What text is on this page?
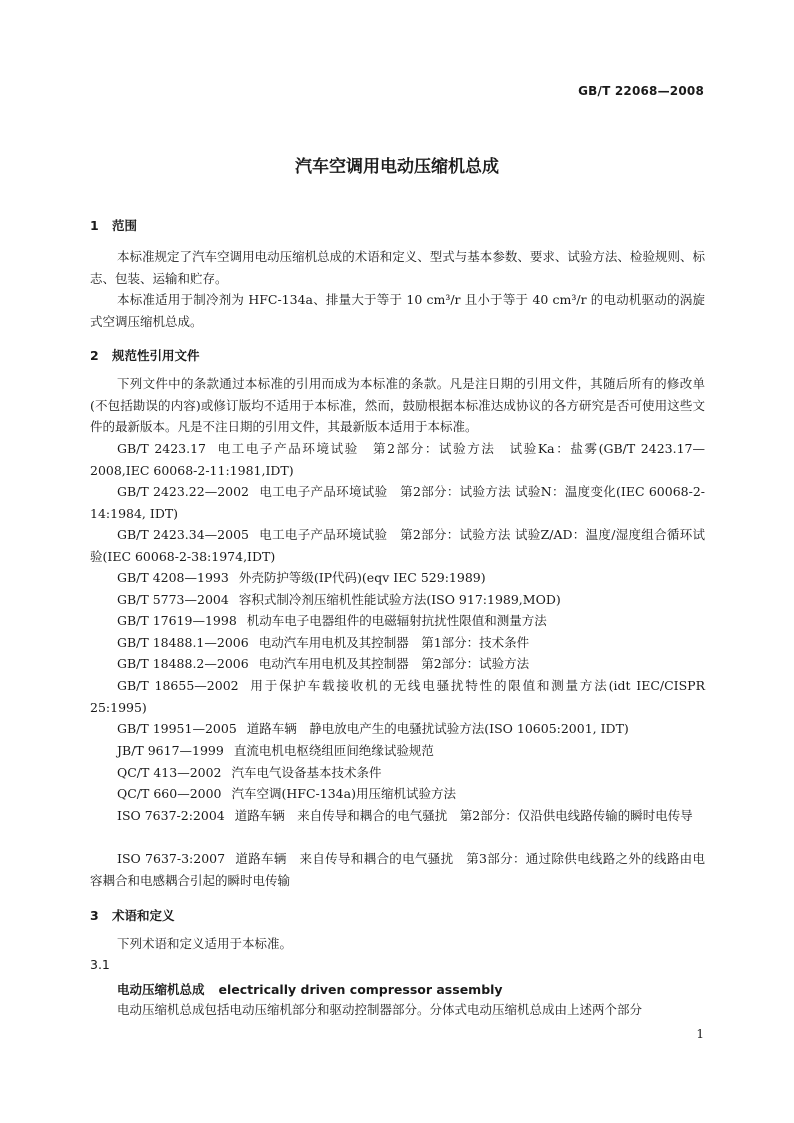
GB/T 22068—2008
汽车空调用电动压缩机总成
1 范围
本标准规定了汽车空调用电动压缩机总成的术语和定义、型式与基本参数、要求、试验方法、检验规则、标志、包装、运输和贮存。
本标准适用于制冷剂为 HFC-134a、排量大于等于 10 cm³/r 且小于等于 40 cm³/r 的电动机驱动的涡旋式空调压缩机总成。
2 规范性引用文件
下列文件中的条款通过本标准的引用而成为本标准的条款。凡是注日期的引用文件，其随后所有的修改单(不包括勘误的内容)或修订版均不适用于本标准，然而，鼓励根据本标准达成协议的各方研究是否可使用这些文件的最新版本。凡是不注日期的引用文件，其最新版本适用于本标准。
GB/T 2423.17 电工电子产品环境试验　第2部分：试验方法　试验Ka：盐雾(GB/T 2423.17—2008,IEC 60068-2-11:1981,IDT)
GB/T 2423.22—2002 电工电子产品环境试验　第2部分：试验方法 试验N：温度变化(IEC 60068-2-14:1984, IDT)
GB/T 2423.34—2005 电工电子产品环境试验　第2部分：试验方法 试验Z/AD：温度/湿度组合循环试验(IEC 60068-2-38:1974,IDT)
GB/T 4208—1993 外壳防护等级(IP代码)(eqv IEC 529:1989)
GB/T 5773—2004 容积式制冷剂压缩机性能试验方法(ISO 917:1989,MOD)
GB/T 17619—1998 机动车电子电器组件的电磁辐射抗扰性限值和测量方法
GB/T 18488.1—2006 电动汽车用电机及其控制器　第1部分：技术条件
GB/T 18488.2—2006 电动汽车用电机及其控制器　第2部分：试验方法
GB/T 18655—2002 用于保护车载接收机的无线电骚扰特性的限值和测量方法(idt IEC/CISPR 25:1995)
GB/T 19951—2005 道路车辆　静电放电产生的电骚扰试验方法(ISO 10605:2001, IDT)
JB/T 9617—1999 直流电机电枢绕组匝间绝缘试验规范
QC/T 413—2002 汽车电气设备基本技术条件
QC/T 660—2000 汽车空调(HFC-134a)用压缩机试验方法
ISO 7637-2:2004 道路车辆　来自传导和耦合的电气骚扰　第2部分：仅沿供电线路传输的瞬时电传导
ISO 7637-3:2007 道路车辆　来自传导和耦合的电气骚扰　第3部分：通过除供电线路之外的线路由电容耦合和电感耦合引起的瞬时电传输
3 术语和定义
下列术语和定义适用于本标准。
3.1
电动压缩机总成 electrically driven compressor assembly
电动压缩机总成包括电动压缩机部分和驱动控制器部分。分体式电动压缩机总成由上述两个部分
1
